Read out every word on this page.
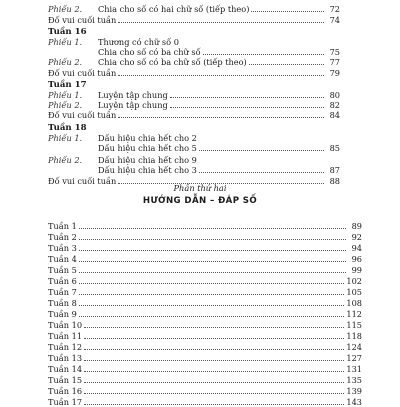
Phiếu 2.	Chia cho số có hai chữ số (tiếp theo)	72
Đố vui cuối tuần	74
Tuần 16
Phiếu 1.	Thương có chữ số 0
Chia cho số có ba chữ số	75
Phiếu 2.	Chia cho số có ba chữ số (tiếp theo)	77
Đố vui cuối tuần	79
Tuần 17
Phiếu 1.	Luyện tập chung	80
Phiếu 2.	Luyện tập chung	82
Đố vui cuối tuần	84
Tuần 18
Phiếu 1.	Dấu hiệu chia hết cho 2
Dấu hiệu chia hết cho 5	85
Phiếu 2.	Dấu hiệu chia hết cho 9
Dấu hiệu chia hết cho 3	87
Đố vui cuối tuần	88
Phần thứ hai
HƯỚNG DẪN – ĐÁP SỐ
Tuần 1	89
Tuần 2	92
Tuần 3	94
Tuần 4	96
Tuần 5	99
Tuần 6	102
Tuần 7	105
Tuần 8	108
Tuần 9	112
Tuần 10	115
Tuần 11	118
Tuần 12	124
Tuần 13	127
Tuần 14	131
Tuần 15	135
Tuần 16	139
Tuần 17	143
